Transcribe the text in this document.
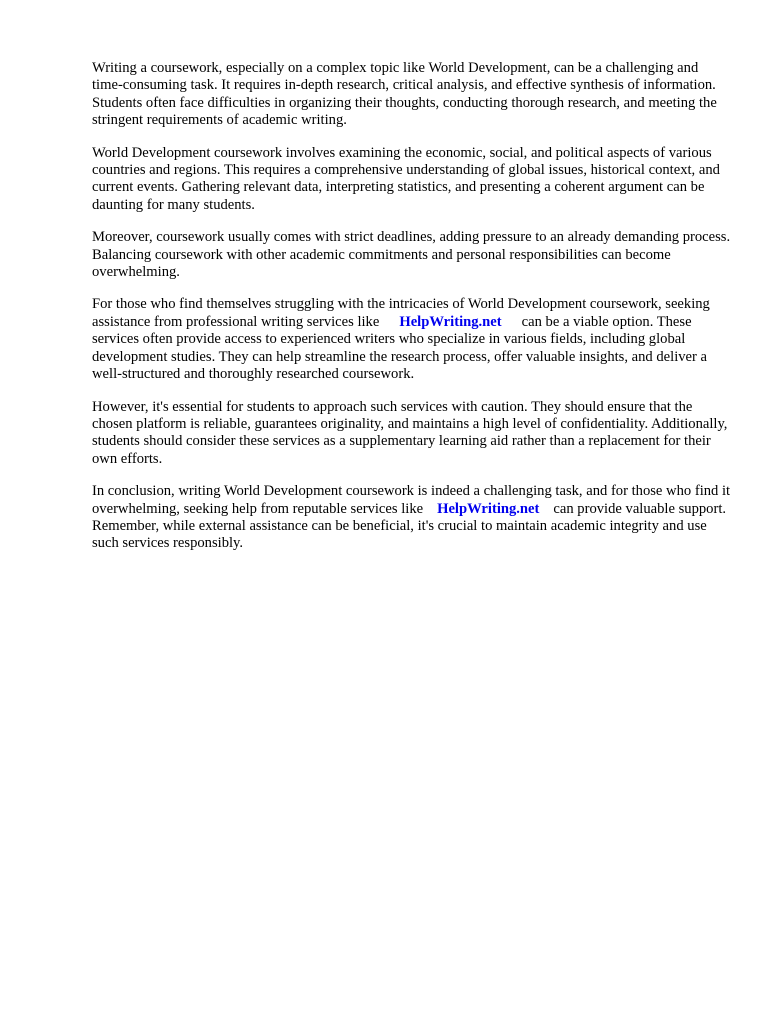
Writing a coursework, especially on a complex topic like World Development, can be a challenging and time-consuming task. It requires in-depth research, critical analysis, and effective synthesis of information. Students often face difficulties in organizing their thoughts, conducting thorough research, and meeting the stringent requirements of academic writing.

World Development coursework involves examining the economic, social, and political aspects of various countries and regions. This requires a comprehensive understanding of global issues, historical context, and current events. Gathering relevant data, interpreting statistics, and presenting a coherent argument can be daunting for many students.

Moreover, coursework usually comes with strict deadlines, adding pressure to an already demanding process. Balancing coursework with other academic commitments and personal responsibilities can become overwhelming.

For those who find themselves struggling with the intricacies of World Development coursework, seeking assistance from professional writing services like HelpWriting.net can be a viable option. These services often provide access to experienced writers who specialize in various fields, including global development studies. They can help streamline the research process, offer valuable insights, and deliver a well-structured and thoroughly researched coursework.

However, it's essential for students to approach such services with caution. They should ensure that the chosen platform is reliable, guarantees originality, and maintains a high level of confidentiality. Additionally, students should consider these services as a supplementary learning aid rather than a replacement for their own efforts.

In conclusion, writing World Development coursework is indeed a challenging task, and for those who find it overwhelming, seeking help from reputable services like HelpWriting.net can provide valuable support. Remember, while external assistance can be beneficial, it's crucial to maintain academic integrity and use such services responsibly.
